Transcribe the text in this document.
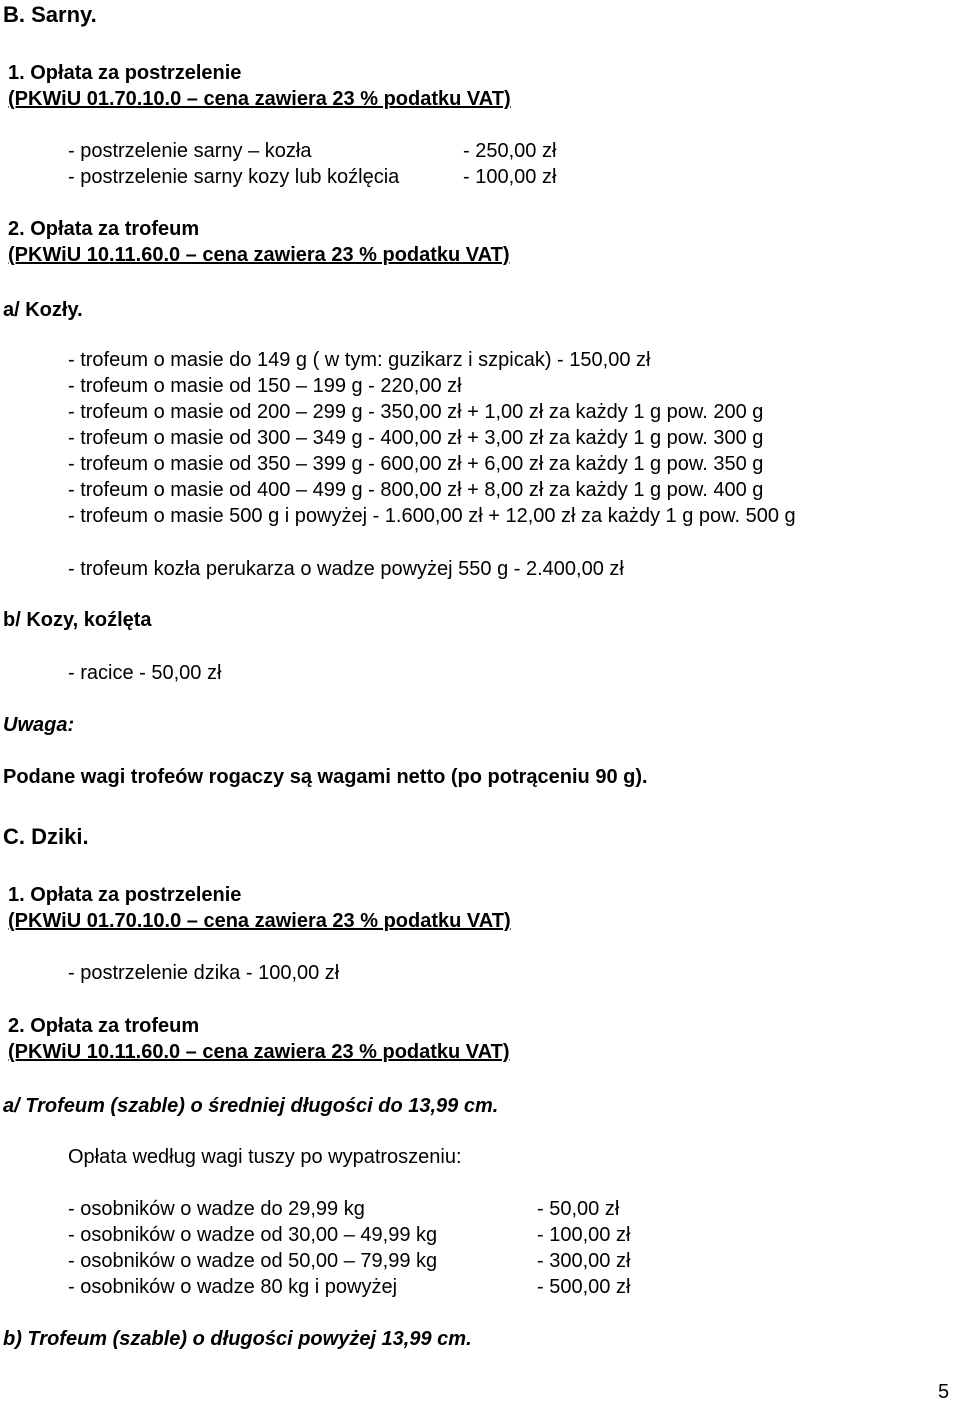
B. Sarny.
1. Opłata za postrzelenie
(PKWiU 01.70.10.0 – cena zawiera 23 % podatku VAT)
- postrzelenie sarny – kozła	- 250,00 zł
- postrzelenie sarny kozy lub koźlęcia	- 100,00 zł
2. Opłata za trofeum
(PKWiU 10.11.60.0 – cena zawiera 23 % podatku VAT)
a/ Kozły.
- trofeum o masie do 149 g ( w tym: guzikarz i szpicak) - 150,00 zł
- trofeum o masie od 150 – 199 g - 220,00 zł
- trofeum o masie od 200 – 299 g - 350,00 zł + 1,00 zł za każdy 1 g pow. 200 g
- trofeum o masie od 300 – 349 g - 400,00 zł + 3,00 zł za każdy 1 g pow. 300 g
- trofeum o masie od 350 – 399 g - 600,00 zł + 6,00 zł za każdy 1 g pow. 350 g
- trofeum o masie od 400 – 499 g - 800,00 zł + 8,00 zł za każdy 1 g pow. 400 g
- trofeum o masie 500 g i powyżej - 1.600,00 zł + 12,00 zł za każdy 1 g pow. 500 g
- trofeum kozła perukarza o wadze powyżej 550 g - 2.400,00 zł
b/ Kozy, koźlęta
- racice - 50,00 zł
Uwaga:
Podane wagi trofeów rogaczy są wagami netto (po potrąceniu 90 g).
C. Dziki.
1. Opłata za postrzelenie
(PKWiU 01.70.10.0 – cena zawiera 23 % podatku VAT)
- postrzelenie dzika - 100,00 zł
2. Opłata za trofeum
(PKWiU 10.11.60.0 – cena zawiera 23 % podatku VAT)
a/ Trofeum (szable) o średniej długości do 13,99 cm.
Opłata według wagi tuszy po wypatroszeniu:
- osobników o wadze do 29,99 kg	- 50,00 zł
- osobników o wadze od 30,00 – 49,99 kg	- 100,00 zł
- osobników o wadze od 50,00 – 79,99 kg	- 300,00 zł
- osobników o wadze 80 kg i powyżej	- 500,00 zł
b) Trofeum (szable) o długości powyżej 13,99 cm.
5
